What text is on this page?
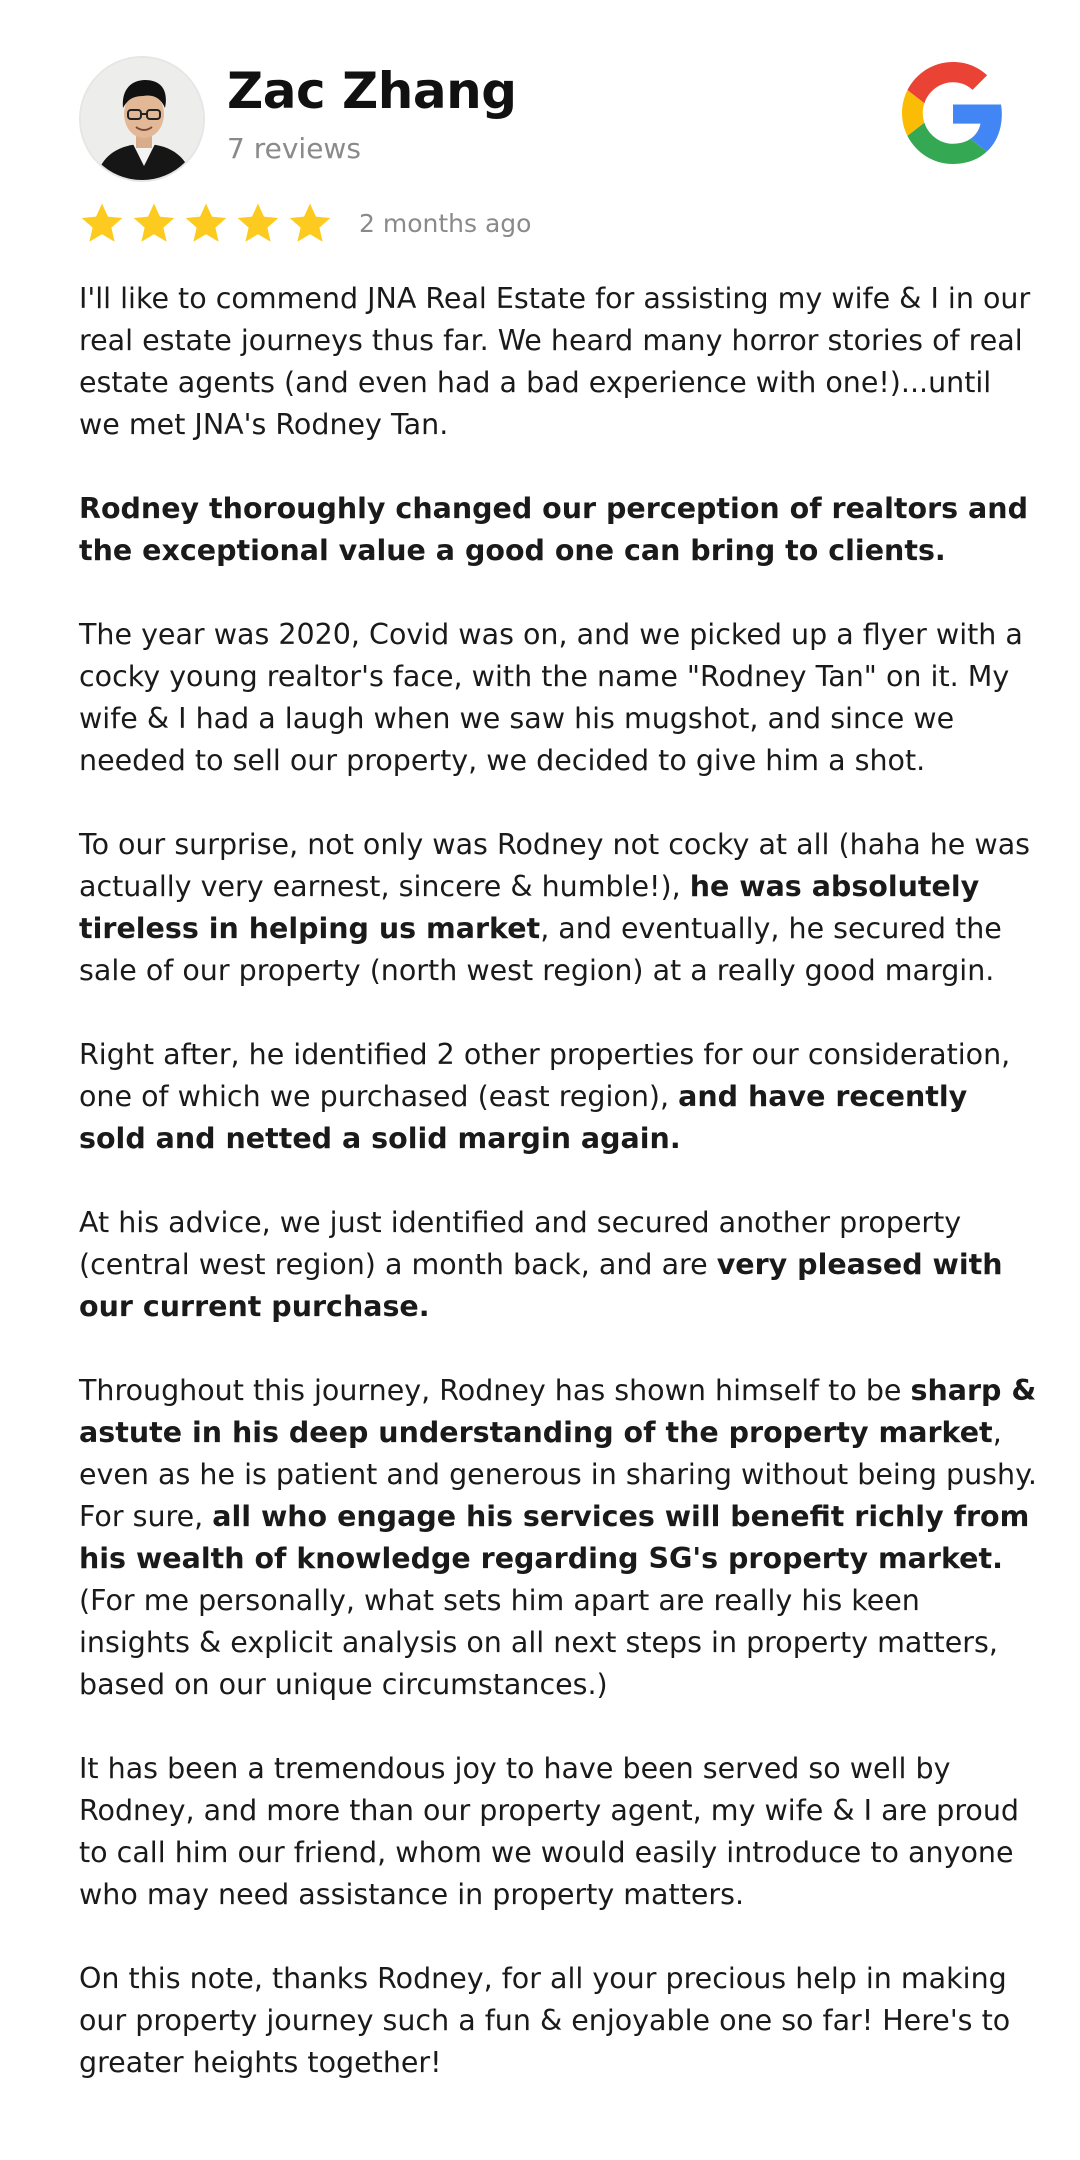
Zac Zhang
7 reviews
2 months ago

I'll like to commend JNA Real Estate for assisting my wife & I in our real estate journeys thus far. We heard many horror stories of real estate agents (and even had a bad experience with one!)...until we met JNA's Rodney Tan.

Rodney thoroughly changed our perception of realtors and the exceptional value a good one can bring to clients.

The year was 2020, Covid was on, and we picked up a flyer with a cocky young realtor's face, with the name "Rodney Tan" on it. My wife & I had a laugh when we saw his mugshot, and since we needed to sell our property, we decided to give him a shot.

To our surprise, not only was Rodney not cocky at all (haha he was actually very earnest, sincere & humble!), he was absolutely tireless in helping us market, and eventually, he secured the sale of our property (north west region) at a really good margin.

Right after, he identified 2 other properties for our consideration, one of which we purchased (east region), and have recently sold and netted a solid margin again.

At his advice, we just identified and secured another property (central west region) a month back, and are very pleased with our current purchase.

Throughout this journey, Rodney has shown himself to be sharp & astute in his deep understanding of the property market, even as he is patient and generous in sharing without being pushy. For sure, all who engage his services will benefit richly from his wealth of knowledge regarding SG's property market. (For me personally, what sets him apart are really his keen insights & explicit analysis on all next steps in property matters, based on our unique circumstances.)

It has been a tremendous joy to have been served so well by Rodney, and more than our property agent, my wife & I are proud to call him our friend, whom we would easily introduce to anyone who may need assistance in property matters.

On this note, thanks Rodney, for all your precious help in making our property journey such a fun & enjoyable one so far! Here's to greater heights together!
